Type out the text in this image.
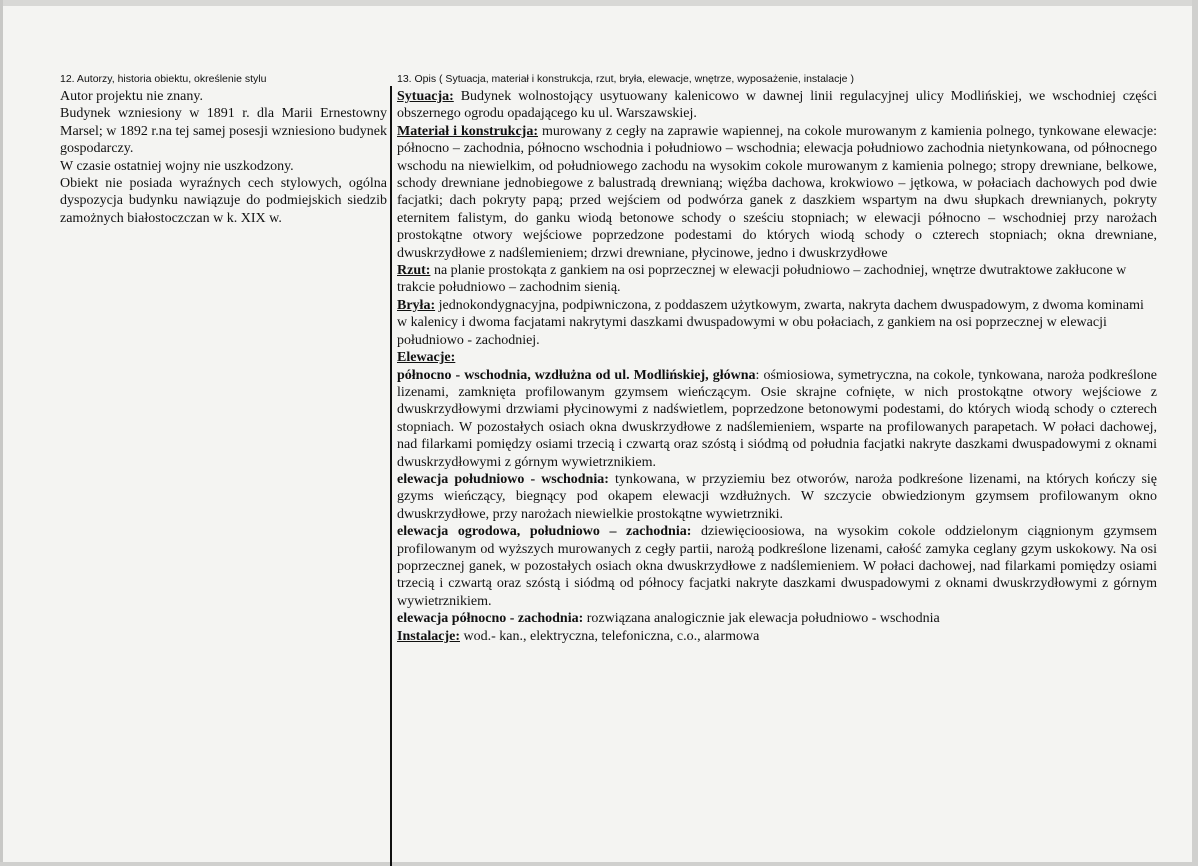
12. Autorzy, historia obiektu, określenie stylu

Autor projektu nie znany.

Budynek wzniesiony w 1891 r. dla Marii Ernestowny Marsel; w 1892 r.na tej samej posesji wzniesiono budynek gospodarczy.

W czasie ostatniej wojny nie uszkodzony.

Obiekt nie posiada wyraźnych cech stylowych, ogólna dyspozycja budynku nawiązuje do podmiejskich siedzib zamożnych białostoczczan w k. XIX w.

13. Opis ( Sytuacja, materiał i konstrukcja, rzut, bryła, elewacje, wnętrze, wyposażenie, instalacje )

Sytuacja: Budynek wolnostojący usytuowany kalenicowo w dawnej linii regulacyjnej ulicy Modlińskiej, we wschodniej części obszernego ogrodu opadającego ku ul. Warszawskiej.

Materiał i konstrukcja: murowany z cegły na zaprawie wapiennej, na cokole murowanym z kamienia polnego, tynkowane elewacje: północno – zachodnia, północno wschodnia i południowo – wschodnia; elewacja południowo zachodnia nietynkowana, od północnego wschodu na niewielkim, od południowego zachodu na wysokim cokole murowanym z kamienia polnego; stropy drewniane, belkowe, schody drewniane jednobiegowe z balustradą drewnianą; więźba dachowa, krokwiowo – jętkowa, w połaciach dachowych pod dwie facjatki; dach pokryty papą; przed wejściem od podwórza ganek z daszkiem wspartym na dwu słupkach drewnianych, pokryty eternitem falistym, do ganku wiodą betonowe schody o sześciu stopniach; w elewacji północno – wschodniej przy narożach prostokątne otwory wejściowe poprzedzone podestami do których wiodą schody o czterech stopniach; okna drewniane, dwuskrzydłowe z nadślemieniem; drzwi drewniane, płycinowe, jedno i dwuskrzydłowe

Rzut: na planie prostokąta z gankiem na osi poprzecznej w elewacji południowo – zachodniej, wnętrze dwutraktowe zakłucone w trakcie południowo – zachodnim sienią.

Bryła: jednokondygnacyjna, podpiwniczona, z poddaszem użytkowym, zwarta, nakryta dachem dwuspadowym, z dwoma kominami w kalenicy i dwoma facjatami nakrytymi daszkami dwuspadowymi w obu połaciach, z gankiem na osi poprzecznej w elewacji południowo - zachodniej.

Elewacje:

północno - wschodnia, wzdłużna od ul. Modlińskiej, główna: ośmiosiowa, symetryczna, na cokole, tynkowana, naroża podkreślone lizenami, zamknięta profilowanym gzymsem wieńczącym. Osie skrajne cofnięte, w nich prostokątne otwory wejściowe z dwuskrzydłowymi drzwiami płycinowymi z nadświetlem, poprzedzone betonowymi podestami, do których wiodą schody o czterech stopniach. W pozostałych osiach okna dwuskrzydłowe z nadślemieniem, wsparte na profilowanych parapetach. W połaci dachowej, nad filarkami pomiędzy osiami trzecią i czwartą oraz szóstą i siódmą od południa facjatki nakryte daszkami dwuspadowymi z oknami dwuskrzydłowymi z górnym wywietrznikiem.

elewacja południowo - wschodnia: tynkowana, w przyziemiu bez otworów, naroża podkreśone lizenami, na których kończy się gzyms wieńczący, biegnący pod okapem elewacji wzdłużnych. W szczycie obwiedzionym gzymsem profilowanym okno dwuskrzydłowe, przy narożach niewielkie prostokątne wywietrzniki.

elewacja ogrodowa, południowo – zachodnia: dziewięcioosiowa, na wysokim cokole oddzielonym ciągnionym gzymsem profilowanym od wyższych murowanych z cegły partii, narożą podkreślone lizenami, całość zamyka ceglany gzym uskokowy. Na osi poprzecznej ganek, w pozostałych osiach okna dwuskrzydłowe z nadślemieniem. W połaci dachowej, nad filarkami pomiędzy osiami trzecią i czwartą oraz szóstą i siódmą od północy facjatki nakryte daszkami dwuspadowymi z oknami dwuskrzydłowymi z górnym wywietrznikiem.

elewacja północno - zachodnia: rozwiązana analogicznie jak elewacja południowo - wschodnia

Instalacje: wod.- kan., elektryczna, telefoniczna, c.o., alarmowa
